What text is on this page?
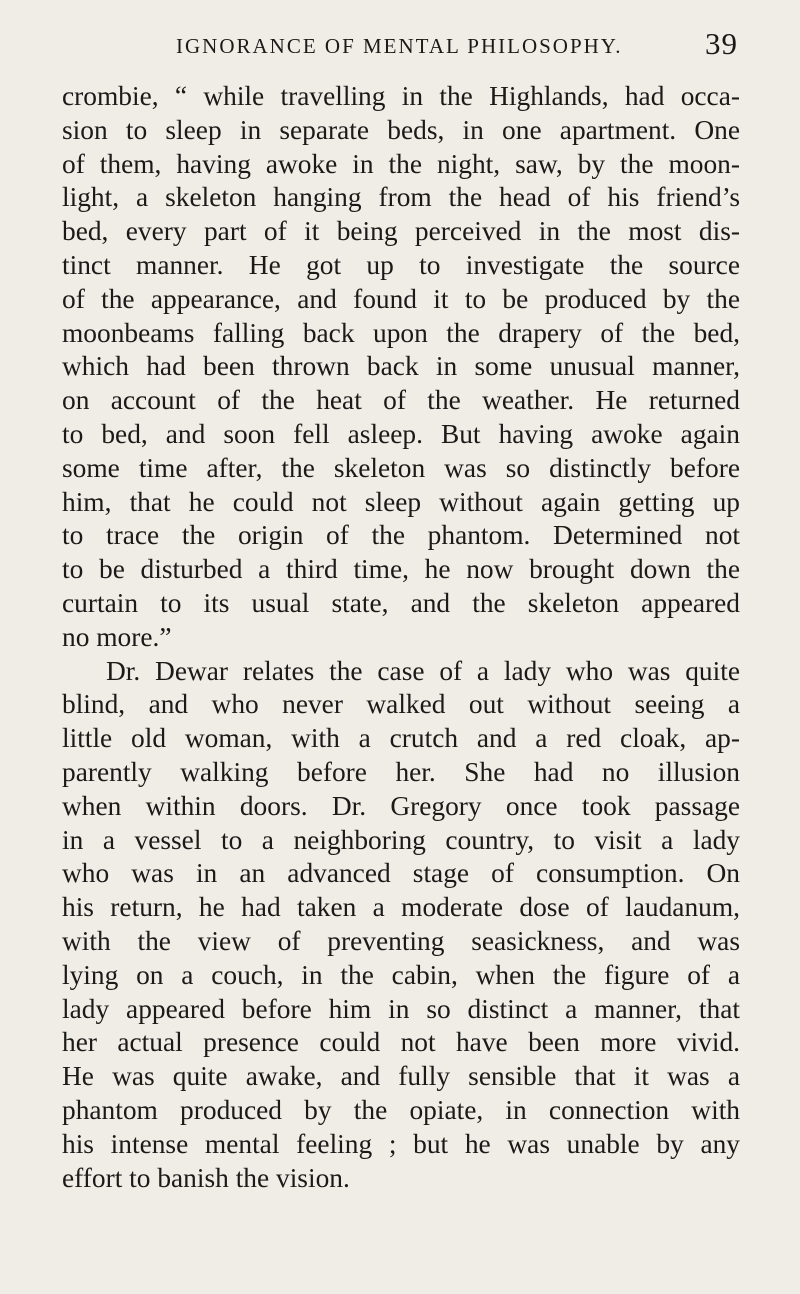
IGNORANCE OF MENTAL PHILOSOPHY.	39
crombie, “ while travelling in the Highlands, had occa-
sion to sleep in separate beds, in one apartment. One
of them, having awoke in the night, saw, by the moon-
light, a skeleton hanging from the head of his friend’s
bed, every part of it being perceived in the most dis-
tinct manner. He got up to investigate the source
of the appearance, and found it to be produced by the
moonbeams falling back upon the drapery of the bed,
which had been thrown back in some unusual manner,
on account of the heat of the weather. He returned
to bed, and soon fell asleep. But having awoke again
some time after, the skeleton was so distinctly before
him, that he could not sleep without again getting up
to trace the origin of the phantom. Determined not
to be disturbed a third time, he now brought down the
curtain to its usual state, and the skeleton appeared
no more.”
Dr. Dewar relates the case of a lady who was quite
blind, and who never walked out without seeing a
little old woman, with a crutch and a red cloak, ap-
parently walking before her. She had no illusion
when within doors. Dr. Gregory once took passage
in a vessel to a neighboring country, to visit a lady
who was in an advanced stage of consumption. On
his return, he had taken a moderate dose of laudanum,
with the view of preventing seasickness, and was
lying on a couch, in the cabin, when the figure of a
lady appeared before him in so distinct a manner, that
her actual presence could not have been more vivid.
He was quite awake, and fully sensible that it was a
phantom produced by the opiate, in connection with
his intense mental feeling ; but he was unable by any
effort to banish the vision.
